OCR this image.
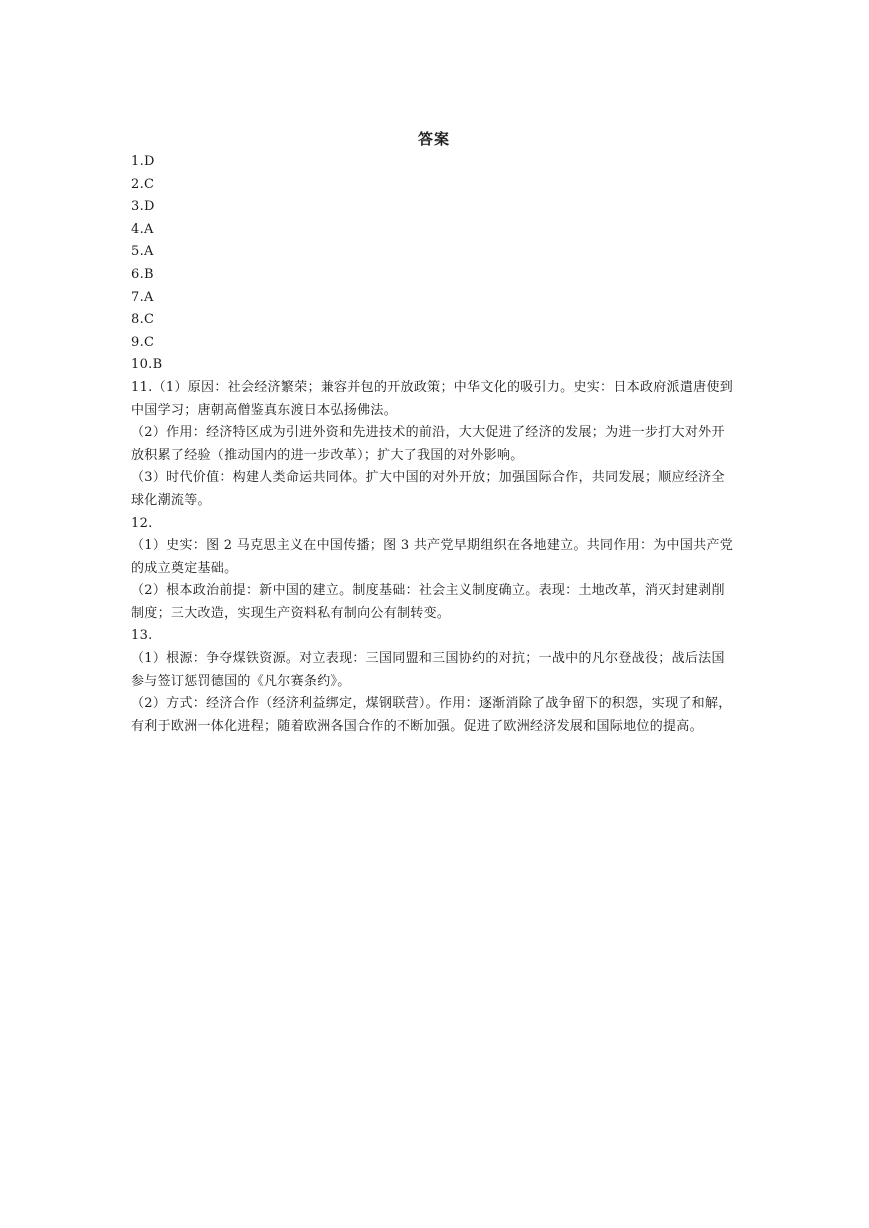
答案
1.D
2.C
3.D
4.A
5.A
6.B
7.A
8.C
9.C
10.B
11.（1）原因：社会经济繁荣；兼容并包的开放政策；中华文化的吸引力。史实：日本政府派遣唐使到中国学习；唐朝高僧鉴真东渡日本弘扬佛法。
（2）作用：经济特区成为引进外资和先进技术的前沿，大大促进了经济的发展；为进一步打大对外开放积累了经验（推动国内的进一步改革）；扩大了我国的对外影响。
（3）时代价值：构建人类命运共同体。扩大中国的对外开放；加强国际合作，共同发展；顺应经济全球化潮流等。
12.
（1）史实：图 2 马克思主义在中国传播；图 3 共产党早期组织在各地建立。共同作用：为中国共产党的成立奠定基础。
（2）根本政治前提：新中国的建立。制度基础：社会主义制度确立。表现：土地改革，消灭封建剥削制度；三大改造，实现生产资料私有制向公有制转变。
13.
（1）根源：争夺煤铁资源。对立表现：三国同盟和三国协约的对抗；一战中的凡尔登战役；战后法国参与签订惩罚德国的《凡尔赛条约》。
（2）方式：经济合作（经济利益绑定，煤钢联营）。作用：逐渐消除了战争留下的积怨，实现了和解，有利于欧洲一体化进程；随着欧洲各国合作的不断加强。促进了欧洲经济发展和国际地位的提高。
